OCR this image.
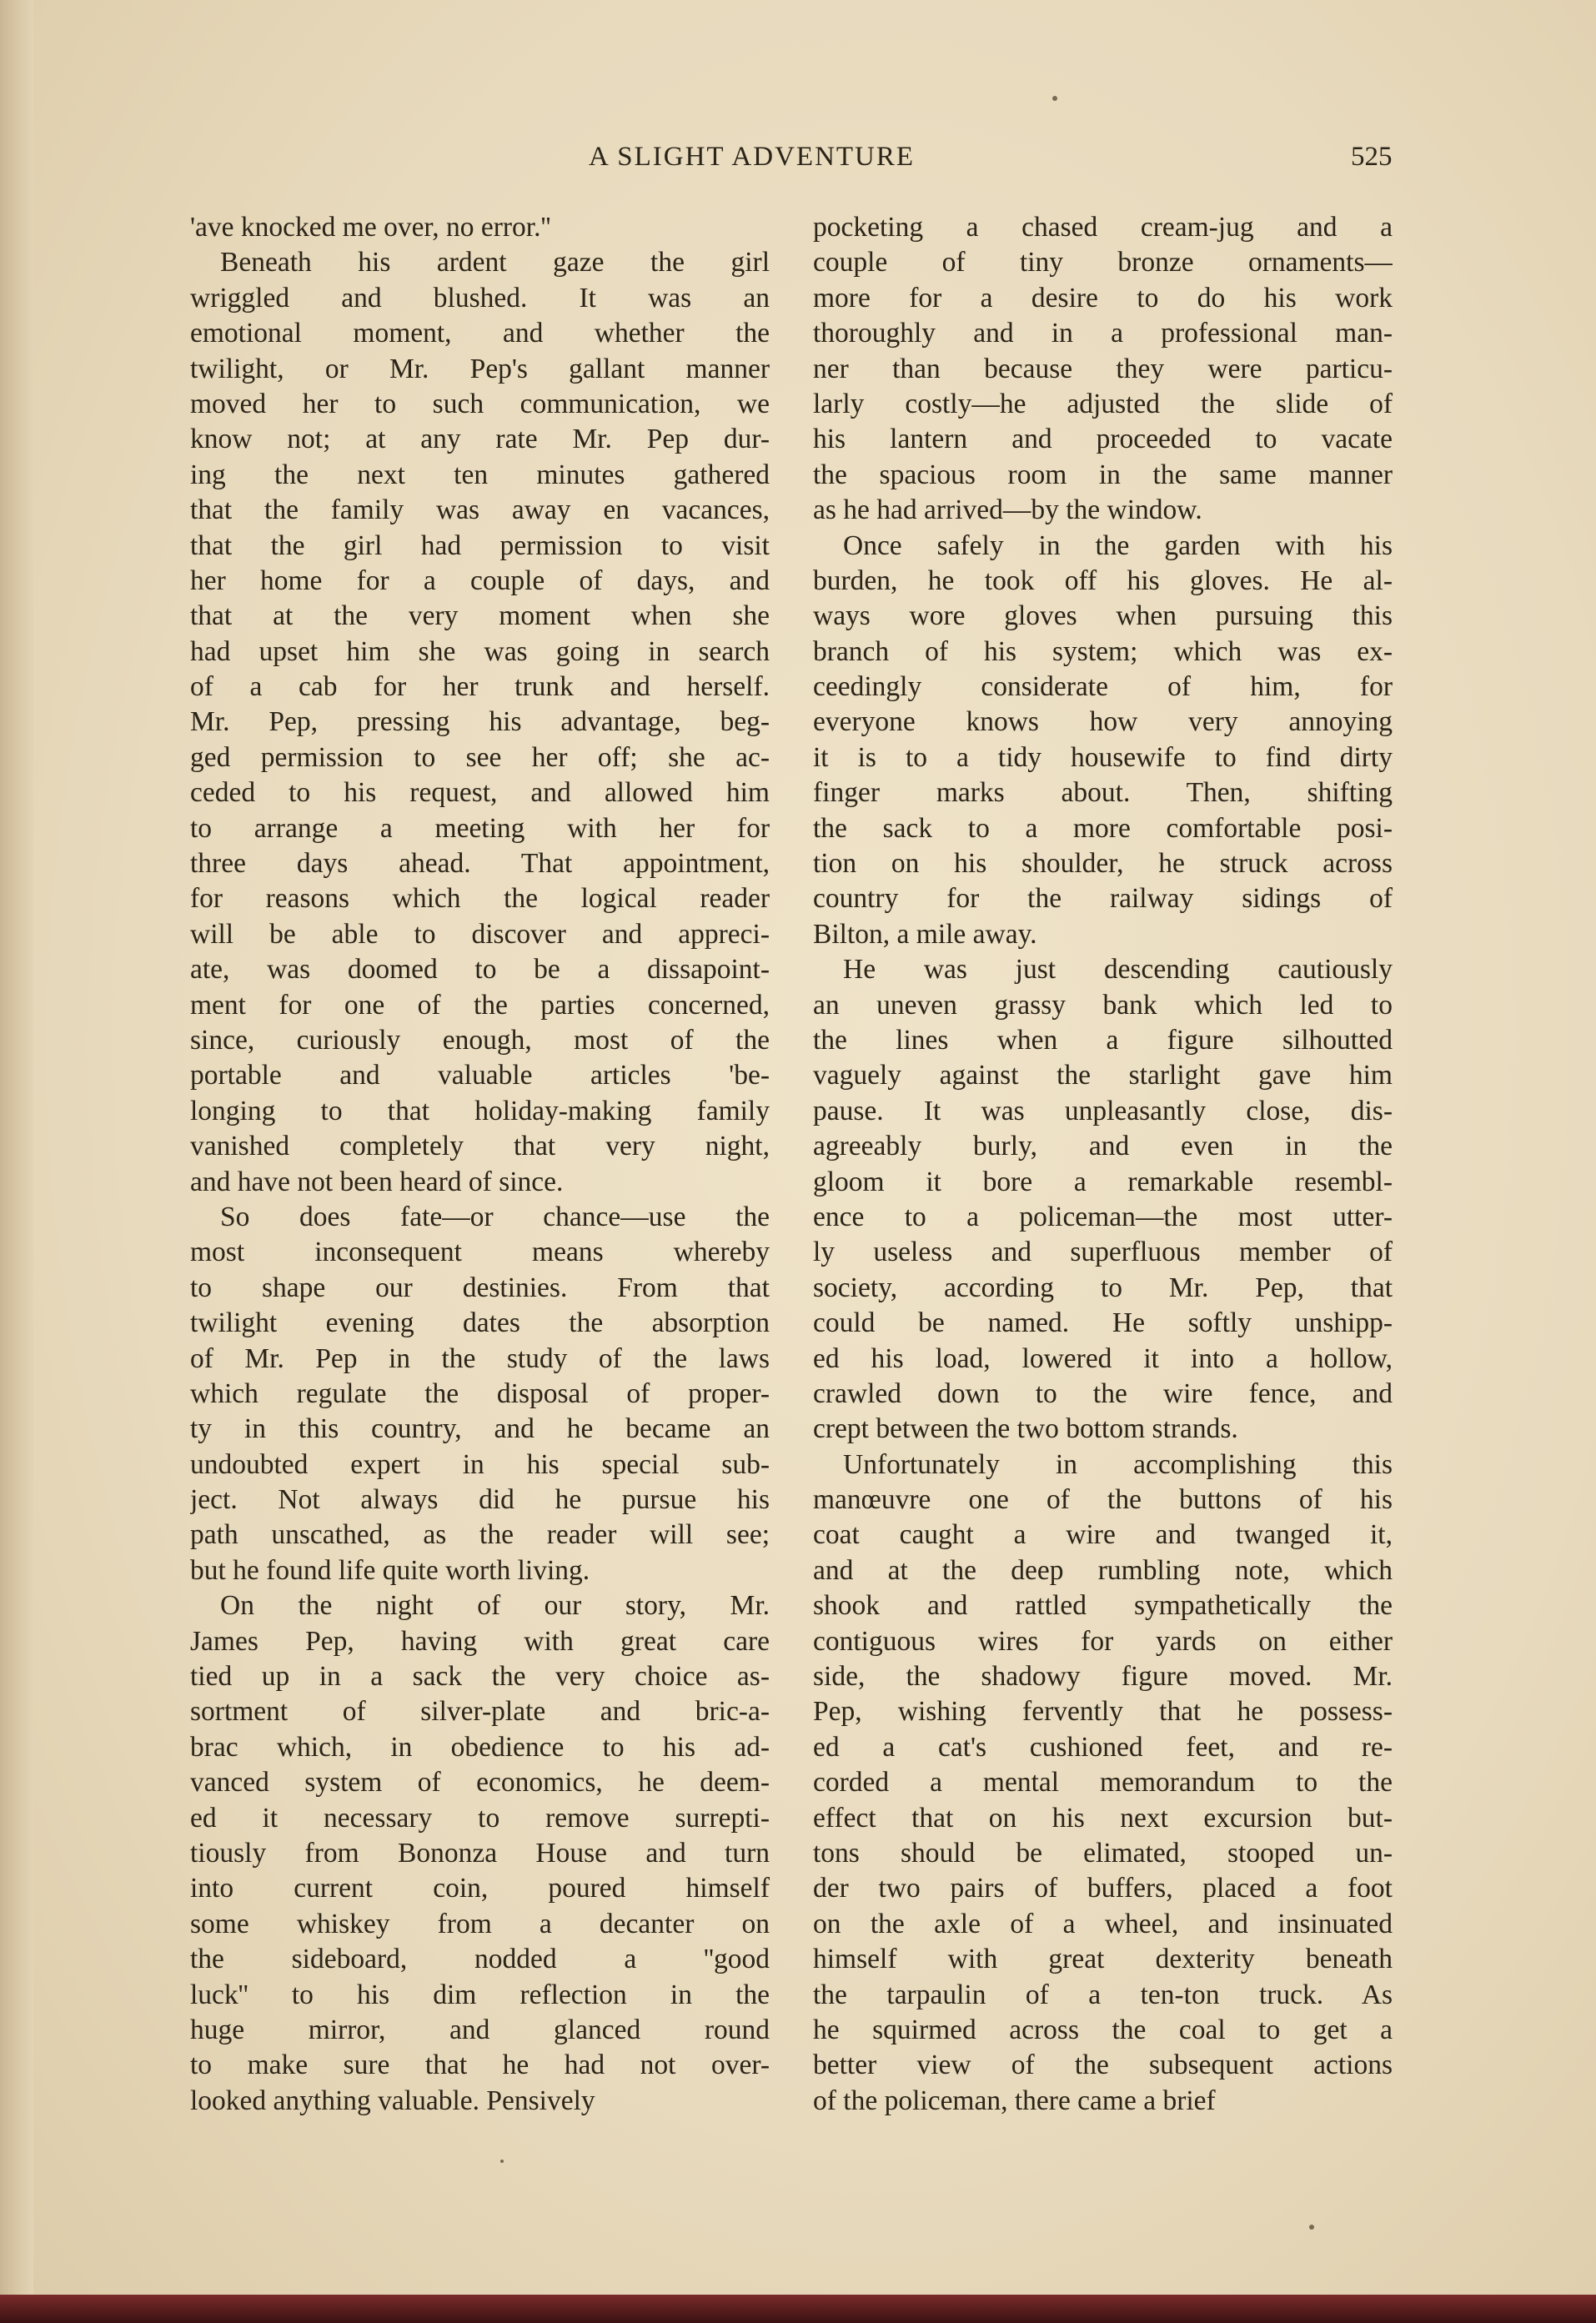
A SLIGHT ADVENTURE	525
'ave knocked me over, no error.''
Beneath his ardent gaze the girl
wriggled and blushed. It was an
emotional moment, and whether the
twilight, or Mr. Pep's gallant manner
moved her to such communication, we
know not; at any rate Mr. Pep dur-
ing the next ten minutes gathered
that the family was away en vacances,
that the girl had permission to visit
her home for a couple of days, and
that at the very moment when she
had upset him she was going in search
of a cab for her trunk and herself.
Mr. Pep, pressing his advantage, beg-
ged permission to see her off; she ac-
ceded to his request, and allowed him
to arrange a meeting with her for
three days ahead. That appointment,
for reasons which the logical reader
will be able to discover and appreci-
ate, was doomed to be a dissapoint-
ment for one of the parties concerned,
since, curiously enough, most of the
portable and valuable articles 'be-
longing to that holiday-making family
vanished completely that very night,
and have not been heard of since.
So does fate—or chance—use the
most inconsequent means whereby
to shape our destinies. From that
twilight evening dates the absorption
of Mr. Pep in the study of the laws
which regulate the disposal of proper-
ty in this country, and he became an
undoubted expert in his special sub-
ject. Not always did he pursue his
path unscathed, as the reader will see;
but he found life quite worth living.
On the night of our story, Mr.
James Pep, having with great care
tied up in a sack the very choice as-
sortment of silver-plate and bric-a-
brac which, in obedience to his ad-
vanced system of economics, he deem-
ed it necessary to remove surrepti-
tiously from Bononza House and turn
into current coin, poured himself
some whiskey from a decanter on
the sideboard, nodded a ''good
luck'' to his dim reflection in the
huge mirror, and glanced round
to make sure that he had not over-
looked anything valuable. Pensively
pocketing a chased cream-jug and a
couple of tiny bronze ornaments—
more for a desire to do his work
thoroughly and in a professional man-
ner than because they were particu-
larly costly—he adjusted the slide of
his lantern and proceeded to vacate
the spacious room in the same manner
as he had arrived—by the window.
Once safely in the garden with his
burden, he took off his gloves. He al-
ways wore gloves when pursuing this
branch of his system; which was ex-
ceedingly considerate of him, for
everyone knows how very annoying
it is to a tidy housewife to find dirty
finger marks about. Then, shifting
the sack to a more comfortable posi-
tion on his shoulder, he struck across
country for the railway sidings of
Bilton, a mile away.
He was just descending cautiously
an uneven grassy bank which led to
the lines when a figure silhoutted
vaguely against the starlight gave him
pause. It was unpleasantly close, dis-
agreeably burly, and even in the
gloom it bore a remarkable resembl-
ence to a policeman—the most utter-
ly useless and superfluous member of
society, according to Mr. Pep, that
could be named. He softly unshipp-
ed his load, lowered it into a hollow,
crawled down to the wire fence, and
crept between the two bottom strands.
Unfortunately in accomplishing this
manœuvre one of the buttons of his
coat caught a wire and twanged it,
and at the deep rumbling note, which
shook and rattled sympathetically the
contiguous wires for yards on either
side, the shadowy figure moved. Mr.
Pep, wishing fervently that he possess-
ed a cat's cushioned feet, and re-
corded a mental memorandum to the
effect that on his next excursion but-
tons should be elimated, stooped un-
der two pairs of buffers, placed a foot
on the axle of a wheel, and insinuated
himself with great dexterity beneath
the tarpaulin of a ten-ton truck. As
he squirmed across the coal to get a
better view of the subsequent actions
of the policeman, there came a brief
